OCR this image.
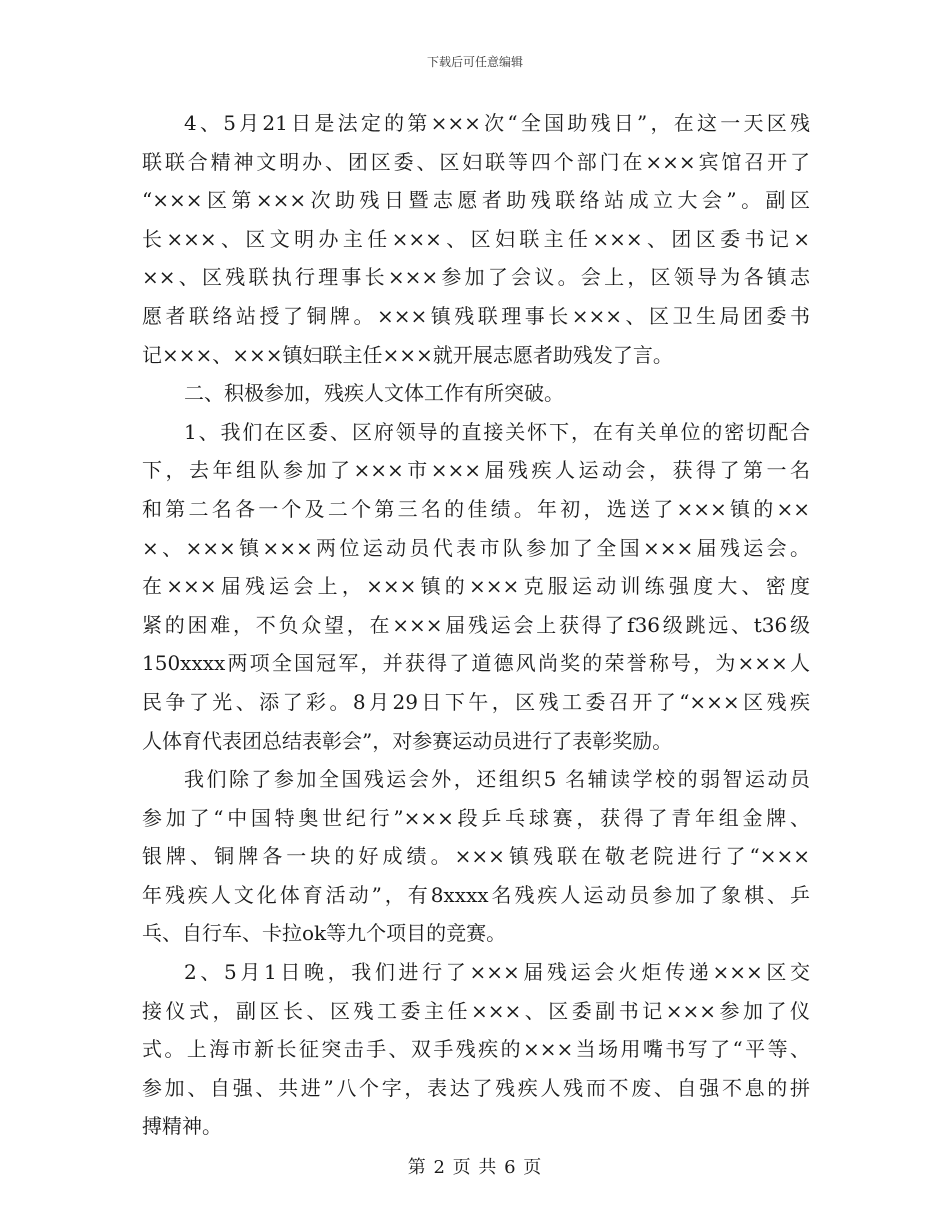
下载后可任意编辑
4、5月21日是法定的第×××次“全国助残日”，在这一天区残
联联合精神文明办、团区委、区妇联等四个部门在×××宾馆召开了
“×××区第×××次助残日暨志愿者助残联络站成立大会”。副区
长×××、区文明办主任×××、区妇联主任×××、团区委书记×
××、区残联执行理事长×××参加了会议。会上，区领导为各镇志
愿者联络站授了铜牌。×××镇残联理事长×××、区卫生局团委书
记×××、×××镇妇联主任×××就开展志愿者助残发了言。
二、积极参加，残疾人文体工作有所突破。
1、我们在区委、区府领导的直接关怀下，在有关单位的密切配合
下，去年组队参加了×××市×××届残疾人运动会，获得了第一名
和第二名各一个及二个第三名的佳绩。年初，选送了×××镇的××
×、×××镇×××两位运动员代表市队参加了全国×××届残运会。
在×××届残运会上，×××镇的×××克服运动训练强度大、密度
紧的困难，不负众望，在×××届残运会上获得了f36级跳远、t36级
150xxxx两项全国冠军，并获得了道德风尚奖的荣誉称号，为×××人
民争了光、添了彩。8月29日下午，区残工委召开了“×××区残疾
人体育代表团总结表彰会”，对参赛运动员进行了表彰奖励。
我们除了参加全国残运会外，还组织5 名辅读学校的弱智运动员
参加了“中国特奥世纪行”×××段乒乓球赛，获得了青年组金牌、
银牌、铜牌各一块的好成绩。×××镇残联在敬老院进行了“×××
年残疾人文化体育活动”，有8xxxx名残疾人运动员参加了象棋、乒
乓、自行车、卡拉ok等九个项目的竞赛。
2、5月1日晚，我们进行了×××届残运会火炬传递×××区交
接仪式，副区长、区残工委主任×××、区委副书记×××参加了仪
式。上海市新长征突击手、双手残疾的×××当场用嘴书写了“平等、
参加、自强、共进”八个字，表达了残疾人残而不废、自强不息的拼
搏精神。
第 2 页 共 6 页
